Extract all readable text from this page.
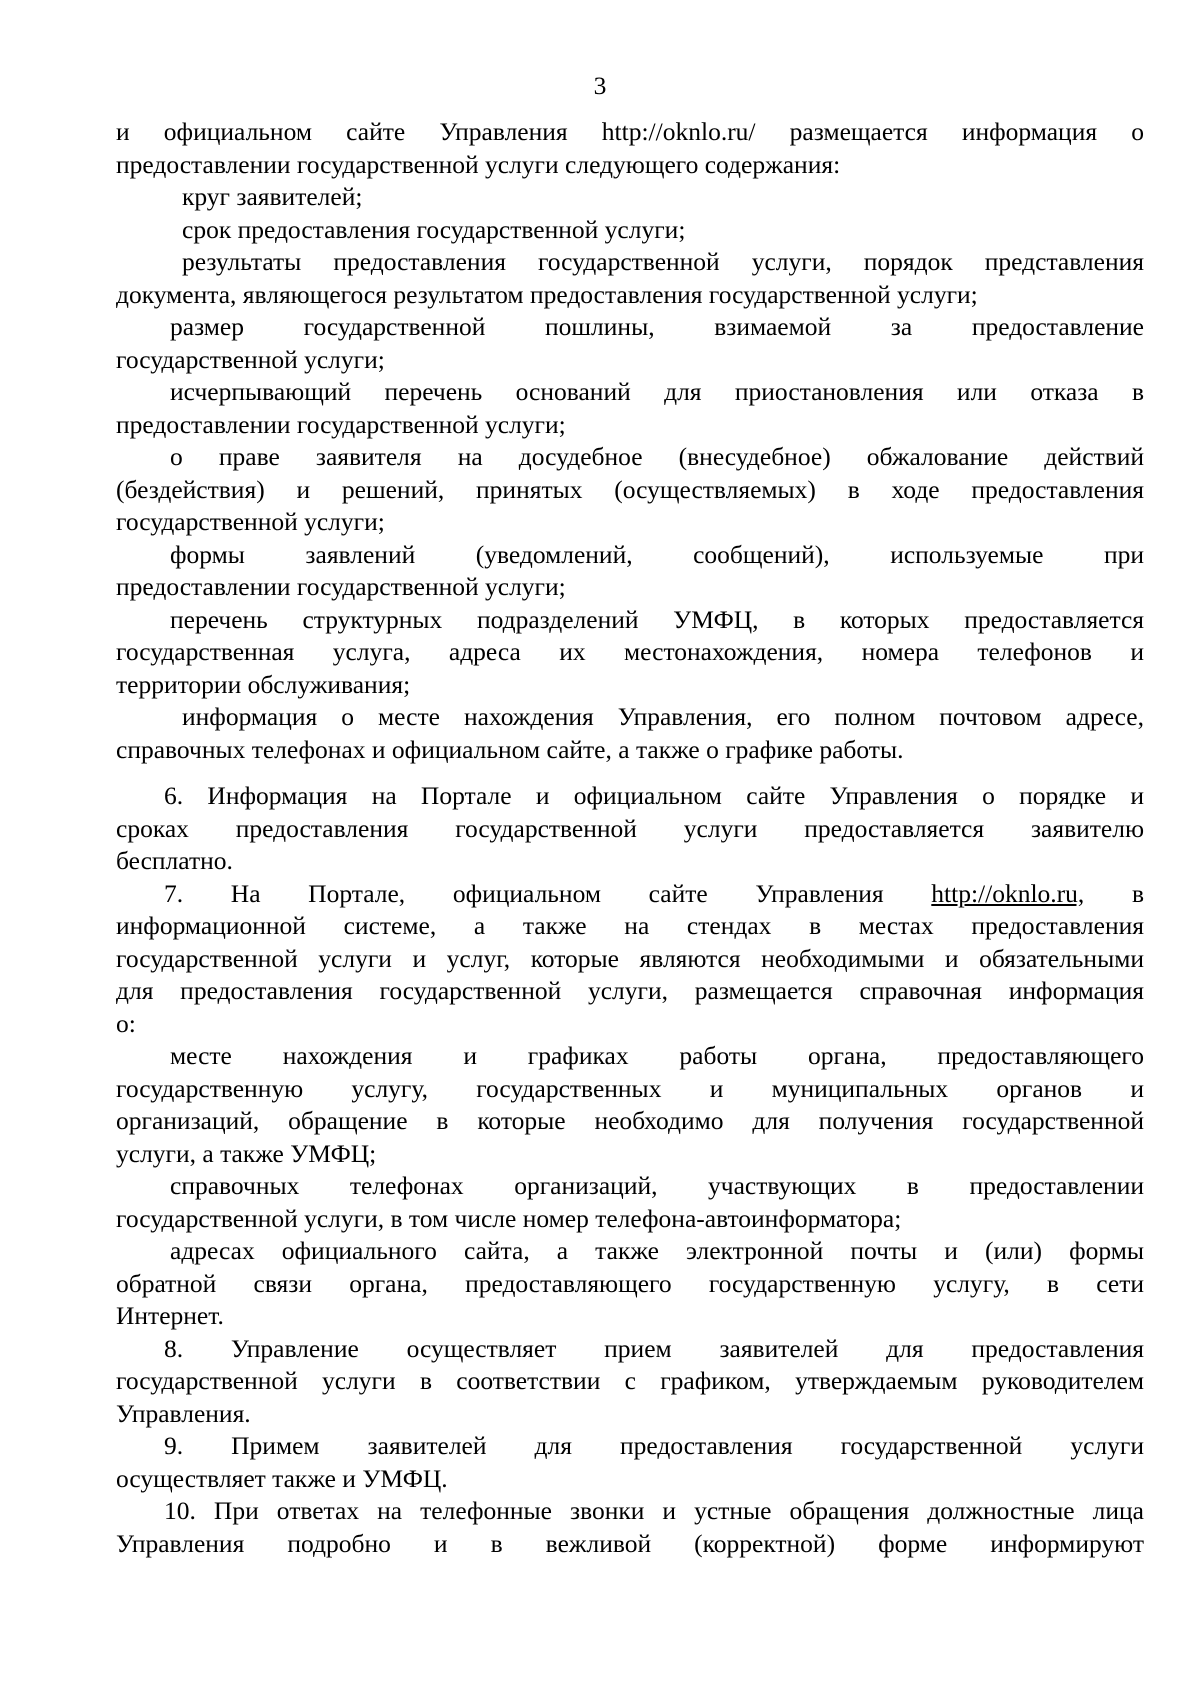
3
и официальном сайте Управления http://oknlo.ru/ размещается информация о
предоставлении государственной услуги следующего содержания:
круг заявителей;
срок предоставления государственной услуги;
результаты предоставления государственной услуги, порядок представления
документа, являющегося результатом предоставления государственной услуги;
размер государственной пошлины, взимаемой за предоставление
государственной услуги;
исчерпывающий перечень оснований для приостановления или отказа в
предоставлении государственной услуги;
о праве заявителя на досудебное (внесудебное) обжалование действий
(бездействия) и решений, принятых (осуществляемых) в ходе предоставления
государственной услуги;
формы заявлений (уведомлений, сообщений), используемые при
предоставлении государственной услуги;
перечень структурных подразделений УМФЦ, в которых предоставляется
государственная услуга, адреса их местонахождения, номера телефонов и
территории обслуживания;
информация о месте нахождения Управления, его полном почтовом адресе,
справочных телефонах и официальном сайте, а также о графике работы.
6. Информация на Портале и официальном сайте Управления о порядке и
сроках предоставления государственной услуги предоставляется заявителю
бесплатно.
7. На Портале, официальном сайте Управления http://oknlo.ru, в
информационной системе, а также на стендах в местах предоставления
государственной услуги и услуг, которые являются необходимыми и обязательными
для предоставления государственной услуги, размещается справочная информация
о:
месте нахождения и графиках работы органа, предоставляющего
государственную услугу, государственных и муниципальных органов и
организаций, обращение в которые необходимо для получения государственной
услуги, а также УМФЦ;
справочных телефонах организаций, участвующих в предоставлении
государственной услуги, в том числе номер телефона-автоинформатора;
адресах официального сайта, а также электронной почты и (или) формы
обратной связи органа, предоставляющего государственную услугу, в сети
Интернет.
8. Управление осуществляет прием заявителей для предоставления
государственной услуги в соответствии с графиком, утверждаемым руководителем
Управления.
9. Примем заявителей для предоставления государственной услуги
осуществляет также и УМФЦ.
10. При ответах на телефонные звонки и устные обращения должностные лица
Управления подробно и в вежливой (корректной) форме информируют
